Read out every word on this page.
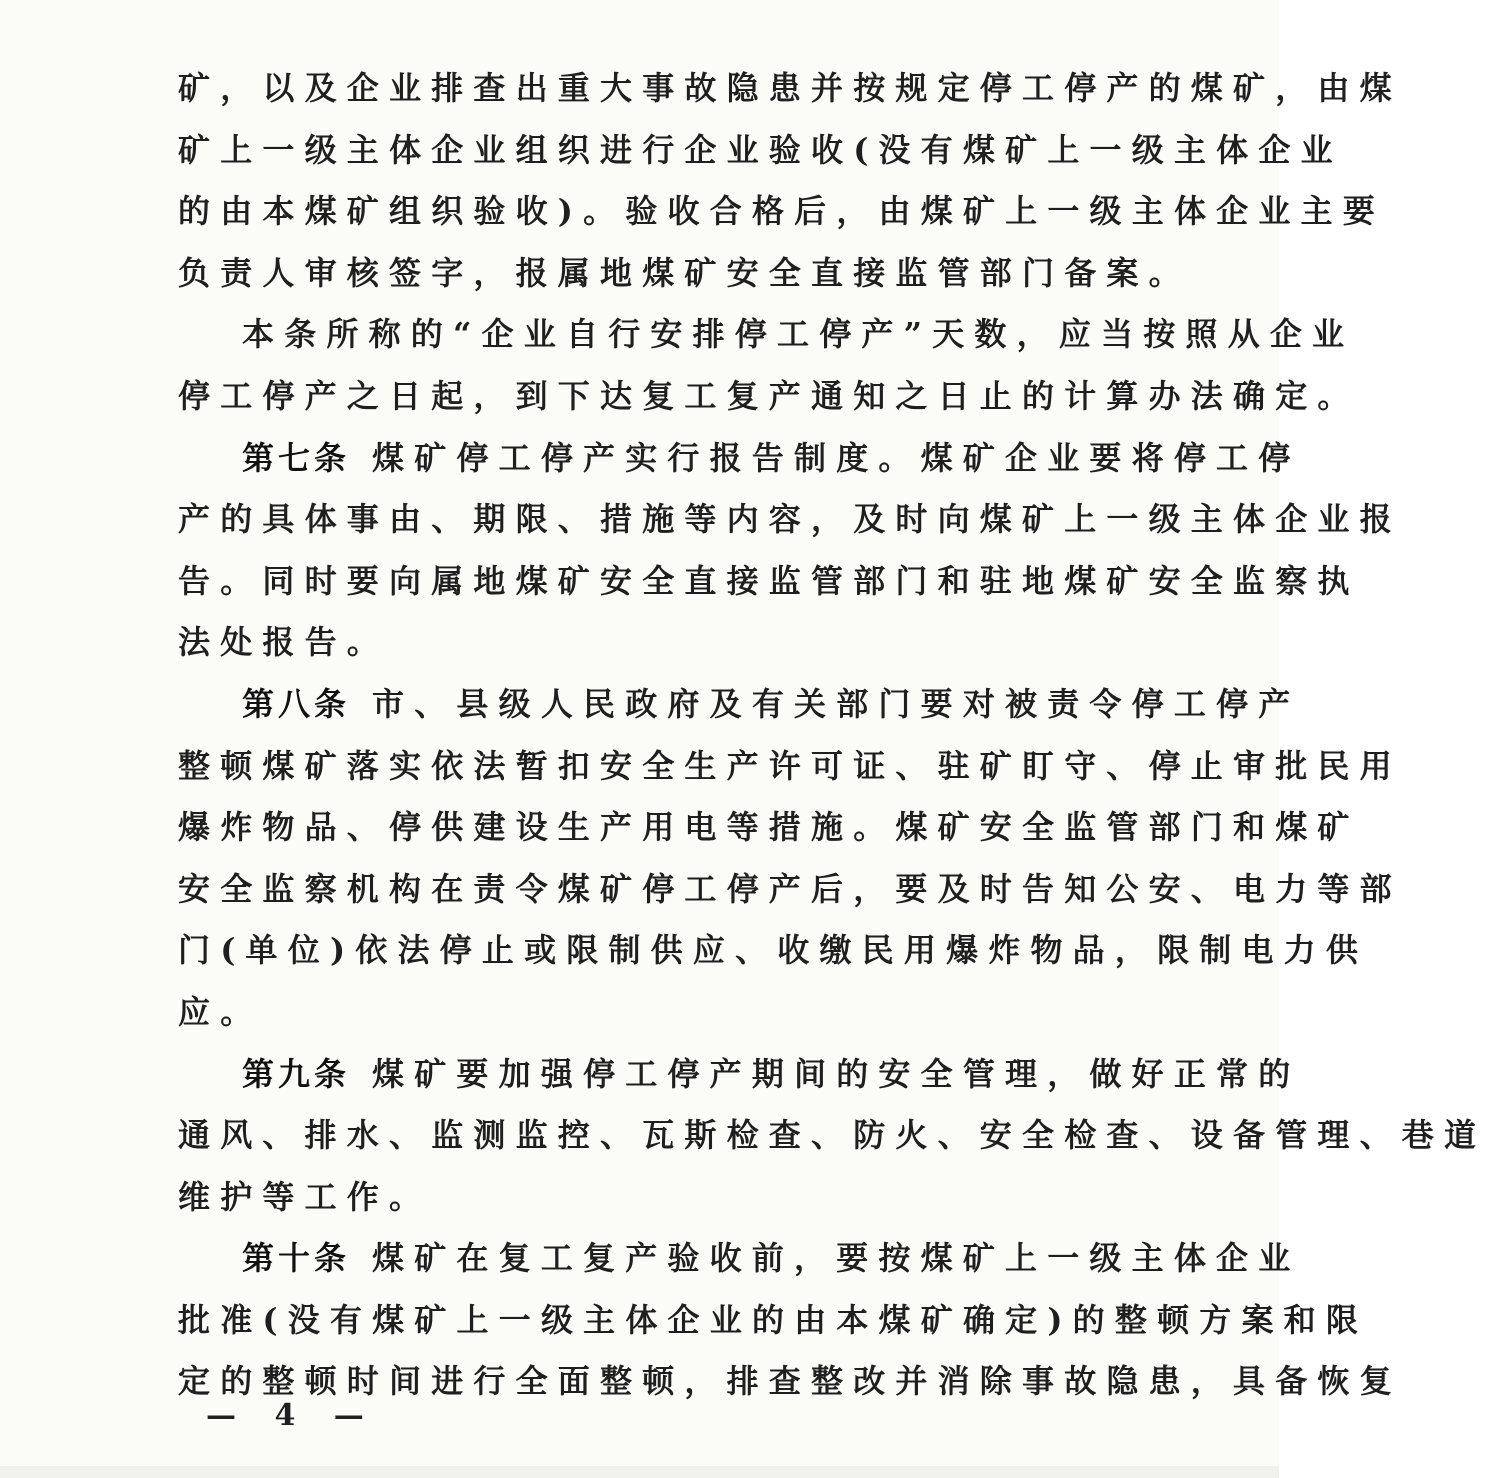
矿，以及企业排查出重大事故隐患并按规定停工停产的煤矿，由煤
矿上一级主体企业组织进行企业验收(没有煤矿上一级主体企业
的由本煤矿组织验收)。验收合格后，由煤矿上一级主体企业主要
负责人审核签字，报属地煤矿安全直接监管部门备案。
本条所称的“企业自行安排停工停产”天数，应当按照从企业
停工停产之日起，到下达复工复产通知之日止的计算办法确定。
第七条 煤矿停工停产实行报告制度。煤矿企业要将停工停
产的具体事由、期限、措施等内容，及时向煤矿上一级主体企业报
告。同时要向属地煤矿安全直接监管部门和驻地煤矿安全监察执
法处报告。
第八条 市、县级人民政府及有关部门要对被责令停工停产
整顿煤矿落实依法暂扣安全生产许可证、驻矿盯守、停止审批民用
爆炸物品、停供建设生产用电等措施。煤矿安全监管部门和煤矿
安全监察机构在责令煤矿停工停产后，要及时告知公安、电力等部
门(单位)依法停止或限制供应、收缴民用爆炸物品，限制电力供
应。
第九条 煤矿要加强停工停产期间的安全管理，做好正常的
通风、排水、监测监控、瓦斯检查、防火、安全检查、设备管理、巷道
维护等工作。
第十条 煤矿在复工复产验收前，要按煤矿上一级主体企业
批准(没有煤矿上一级主体企业的由本煤矿确定)的整顿方案和限
定的整顿时间进行全面整顿，排查整改并消除事故隐患，具备恢复
— 4 —
